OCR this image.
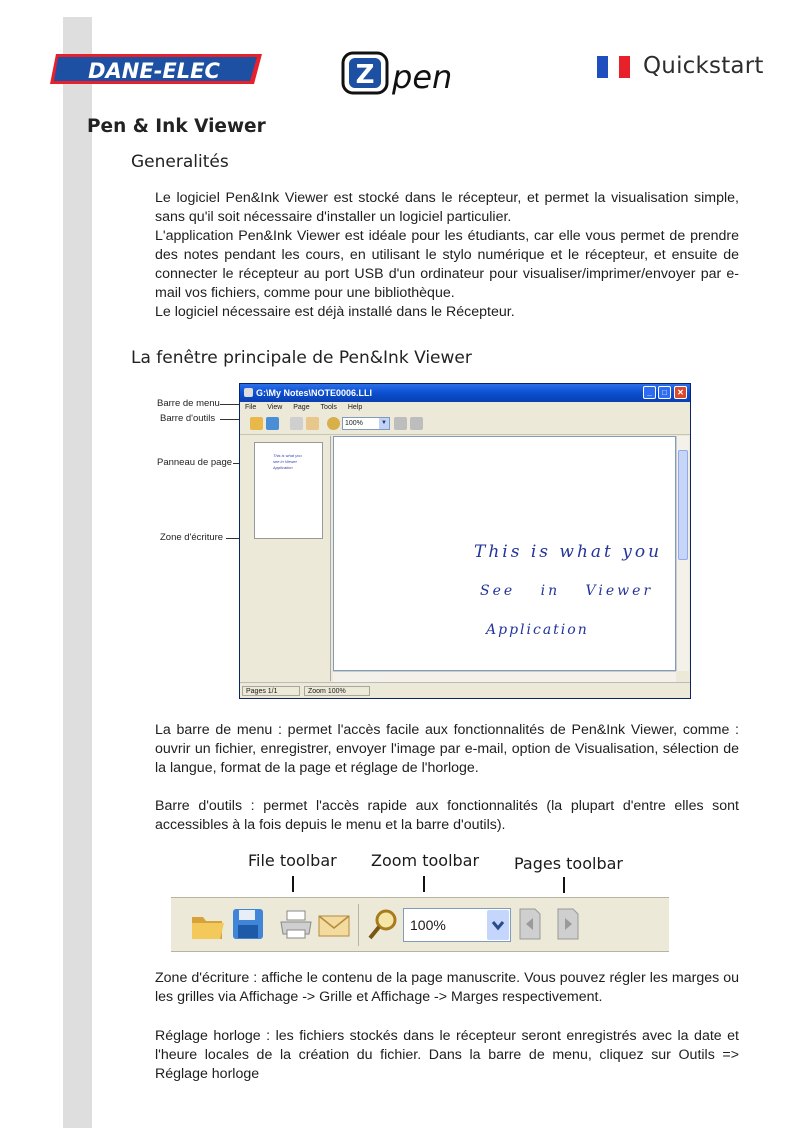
DANE-ELEC	Z pen	Quickstart
Pen & Ink Viewer
Generalités

Le logiciel Pen&Ink Viewer est stocké dans le récepteur, et permet la visualisation simple, sans qu'il soit nécessaire d'installer un logiciel particulier.

L'application Pen&Ink Viewer est idéale pour les étudiants, car elle vous permet de prendre des notes pendant les cours, en utilisant le stylo numérique et le récepteur, et ensuite de connecter le récepteur au port USB d'un ordinateur pour visualiser/imprimer/envoyer par e-mail vos fichiers, comme pour une bibliothèque.

Le logiciel nécessaire est déjà installé dans le Récepteur.

La fenêtre principale de Pen&Ink Viewer
Barre de menu
Barre d'outils
Panneau de page
Zone d'écriture
G:\My Notes\NOTE0006.LLI	_	□	✕
File View Page Tools Help
100%	▼
This is what you see in Viewer Application
This is what you
See in Viewer
Application
Pages 1/1	Zoom 100%
La barre de menu : permet l'accès facile aux fonctionnalités de Pen&Ink Viewer, comme : ouvrir un fichier, enregistrer, envoyer l'image par e-mail, option de Visualisation, sélection de la langue, format de la page et réglage de l'horloge.
Barre d'outils : permet l'accès rapide aux fonctionnalités (la plupart d'entre elles sont accessibles à la fois depuis le menu et la barre d'outils).
File toolbar Zoom toolbar Pages toolbar
100%
Zone d'écriture : affiche le contenu de la page manuscrite. Vous pouvez régler les marges ou les grilles via Affichage -> Grille et Affichage -> Marges respectivement.
Réglage horloge : les fichiers stockés dans le récepteur seront enregistrés avec la date et l'heure locales de la création du fichier. Dans la barre de menu, cliquez sur Outils => Réglage horloge
